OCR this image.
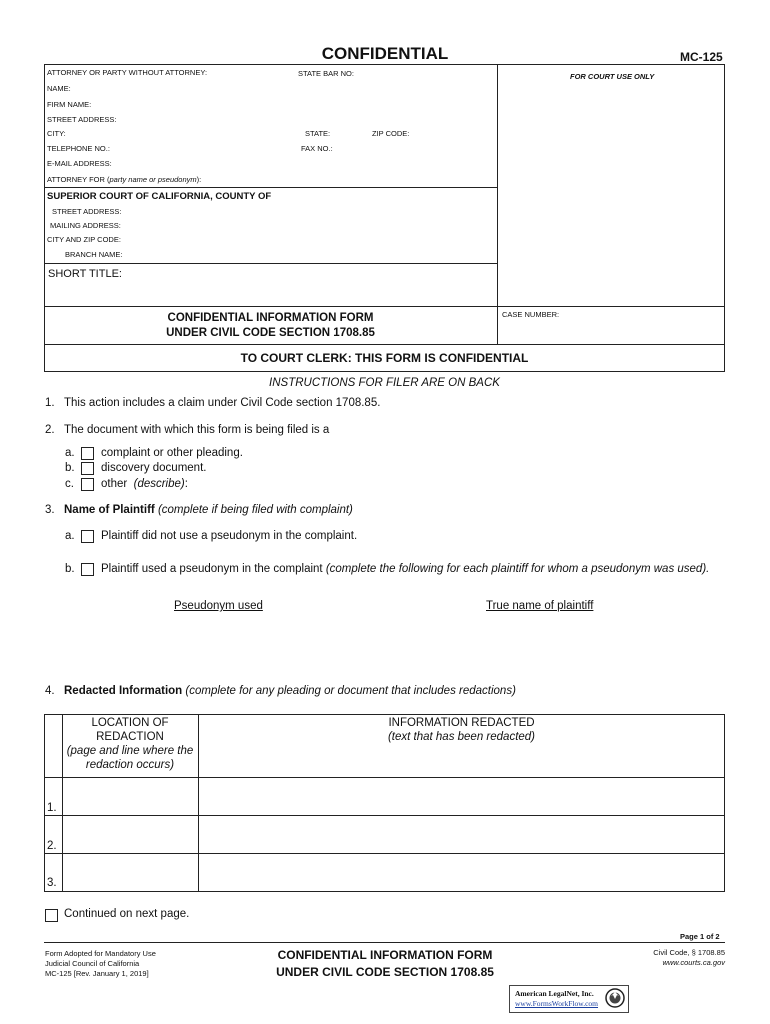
CONFIDENTIAL	MC-125
ATTORNEY OR PARTY WITHOUT ATTORNEY:	STATE BAR NO:	FOR COURT USE ONLY
NAME:
FIRM NAME:
STREET ADDRESS:
CITY:	STATE:	ZIP CODE:
TELEPHONE NO.:	FAX NO.:
E-MAIL ADDRESS:
ATTORNEY FOR (party name or pseudonym):
SUPERIOR COURT OF CALIFORNIA, COUNTY OF
STREET ADDRESS:
MAILING ADDRESS:
CITY AND ZIP CODE:
BRANCH NAME:
SHORT TITLE:
CONFIDENTIAL INFORMATION FORM
UNDER CIVIL CODE SECTION 1708.85
CASE NUMBER:
TO COURT CLERK: THIS FORM IS CONFIDENTIAL
INSTRUCTIONS FOR FILER ARE ON BACK
1. This action includes a claim under Civil Code section 1708.85.
2. The document with which this form is being filed is a
a. complaint or other pleading.
b. discovery document.
c. other (describe):
3. Name of Plaintiff (complete if being filed with complaint)
a. Plaintiff did not use a pseudonym in the complaint.
b. Plaintiff used a pseudonym in the complaint (complete the following for each plaintiff for whom a pseudonym was used).
Pseudonym used	True name of plaintiff
4. Redacted Information (complete for any pleading or document that includes redactions)
LOCATION OF
REDACTION
(page and line where the
redaction occurs)
INFORMATION REDACTED
(text that has been redacted)
1.
2.
3.
Continued on next page.
Page 1 of 2
Form Adopted for Mandatory Use
Judicial Council of California
MC-125 [Rev. January 1, 2019]
CONFIDENTIAL INFORMATION FORM
UNDER CIVIL CODE SECTION 1708.85
Civil Code, § 1708.85
www.courts.ca.gov
American LegalNet, Inc.
www.FormsWorkFlow.com
